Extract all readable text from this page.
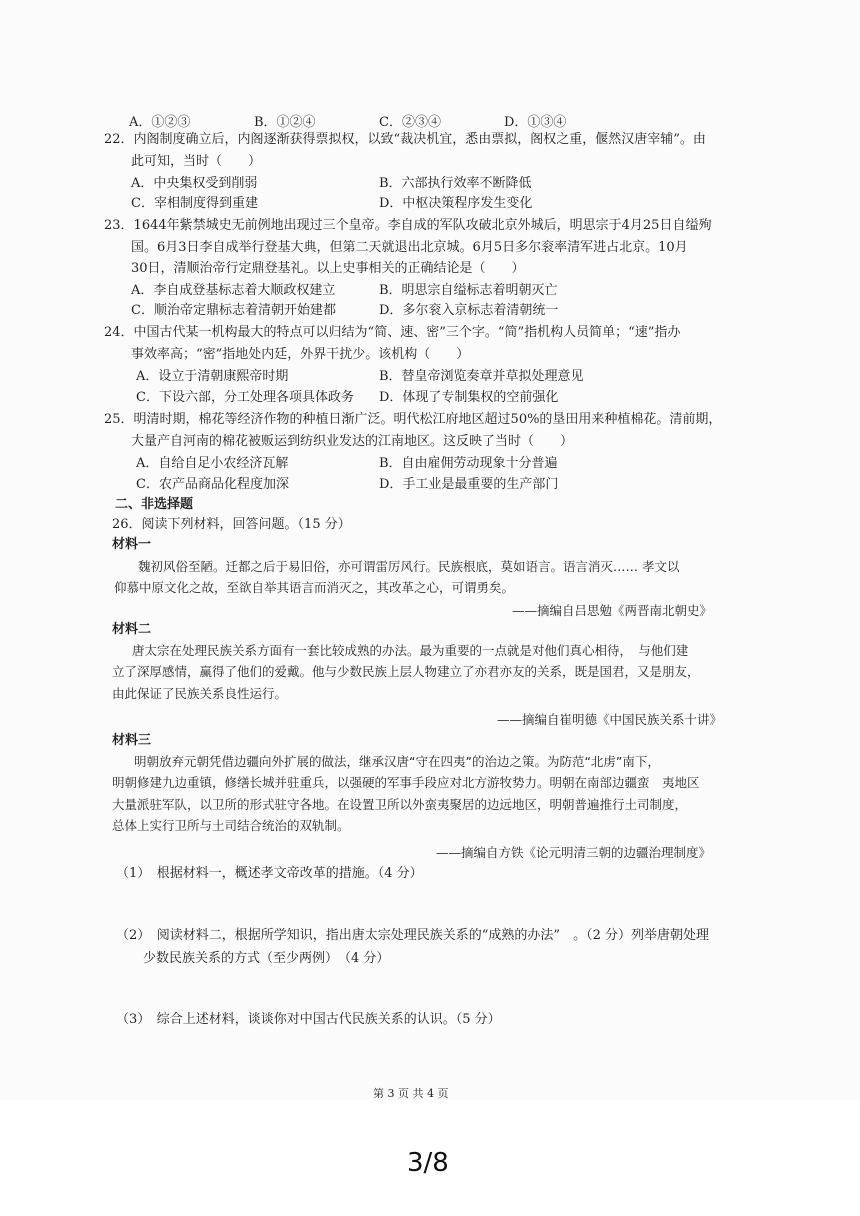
A．①②③	B．①②④	C．②③④	D．①③④
22．内阁制度确立后，内阁逐渐获得票拟权，以致“裁决机宜，悉由票拟，阁权之重，偃然汉唐宰辅”。由
此可知，当时（　　）
A．中央集权受到削弱	B．六部执行效率不断降低
C．宰相制度得到重建	D．中枢决策程序发生变化
23．1644年紫禁城史无前例地出现过三个皇帝。李自成的军队攻破北京外城后，明思宗于4月25日自缢殉
国。6月3日李自成举行登基大典，但第二天就退出北京城。6月5日多尔衮率清军进占北京。10月
30日，清顺治帝行定鼎登基礼。以上史事相关的正确结论是（　　）
A．李自成登基标志着大顺政权建立	B．明思宗自缢标志着明朝灭亡
C．顺治帝定鼎标志着清朝开始建都	D．多尔衮入京标志着清朝统一
24．中国古代某一机构最大的特点可以归结为“简、速、密”三个字。“简”指机构人员简单；“速”指办
事效率高；“密”指地处内廷，外界干扰少。该机构（　　）
A．设立于清朝康熙帝时期	B．替皇帝浏览奏章并草拟处理意见
C．下设六部，分工处理各项具体政务 D．体现了专制集权的空前强化
25．明清时期，棉花等经济作物的种植日渐广泛。明代松江府地区超过50%的垦田用来种植棉花。清前期，
大量产自河南的棉花被贩运到纺织业发达的江南地区。这反映了当时（　　）
A．自给自足小农经济瓦解	B．自由雇佣劳动现象十分普遍
C．农产品商品化程度加深	D．手工业是最重要的生产部门
二、非选择题
26．阅读下列材料，回答问题。（15 分）
材料一
魏初风俗至陋。迁都之后于易旧俗，亦可谓雷厉风行。民族根底，莫如语言。语言消灭…… 孝文以
仰慕中原文化之故，至欲自举其语言而消灭之，其改革之心，可谓勇矣。
——摘编自吕思勉《两晋南北朝史》
材料二
唐太宗在处理民族关系方面有一套比较成熟的办法。最为重要的一点就是对他们真心相待，　与他们建
立了深厚感情，赢得了他们的爱戴。他与少数民族上层人物建立了亦君亦友的关系，既是国君，又是朋友，
由此保证了民族关系良性运行。
——摘编自崔明德《中国民族关系十讲》
材料三
明朝放弃元朝凭借边疆向外扩展的做法，继承汉唐“守在四夷”的治边之策。为防范“北虏”南下，
明朝修建九边重镇，修缮长城并驻重兵，以强硬的军事手段应对北方游牧势力。明朝在南部边疆蛮　夷地区
大量派驻军队，以卫所的形式驻守各地。在设置卫所以外蛮夷聚居的边远地区，明朝普遍推行土司制度，
总体上实行卫所与土司结合统治的双轨制。
——摘编自方铁《论元明清三朝的边疆治理制度》
（1）　根据材料一，概述孝文帝改革的措施。（4 分）
（2）　阅读材料二，根据所学知识，指出唐太宗处理民族关系的“成熟的办法”　。（2 分）列举唐朝处理
少数民族关系的方式（至少两例）　（4 分）
（3）　综合上述材料，谈谈你对中国古代民族关系的认识。（5 分）
第 3 页 共 4 页
3/8
